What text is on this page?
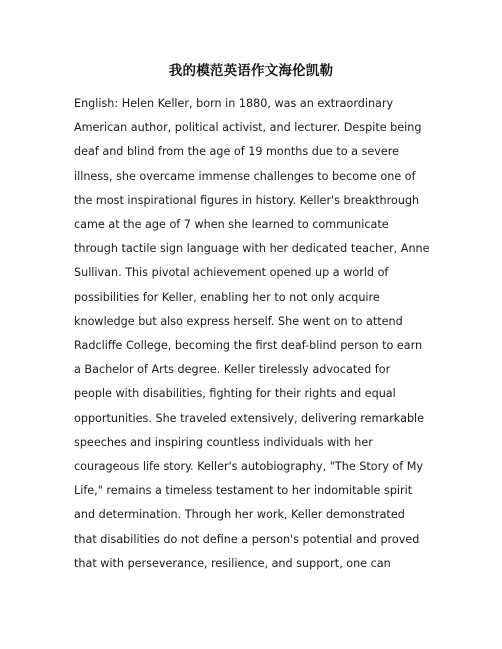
我的模范英语作文海伦凯勒

English: Helen Keller, born in 1880, was an extraordinary American author, political activist, and lecturer. Despite being deaf and blind from the age of 19 months due to a severe illness, she overcame immense challenges to become one of the most inspirational figures in history. Keller's breakthrough came at the age of 7 when she learned to communicate through tactile sign language with her dedicated teacher, Anne Sullivan. This pivotal achievement opened up a world of possibilities for Keller, enabling her to not only acquire knowledge but also express herself. She went on to attend Radcliffe College, becoming the first deaf-blind person to earn a Bachelor of Arts degree. Keller tirelessly advocated for people with disabilities, fighting for their rights and equal opportunities. She traveled extensively, delivering remarkable speeches and inspiring countless individuals with her courageous life story. Keller's autobiography, "The Story of My Life," remains a timeless testament to her indomitable spirit and determination. Through her work, Keller demonstrated that disabilities do not define a person's potential and proved that with perseverance, resilience, and support, one can
